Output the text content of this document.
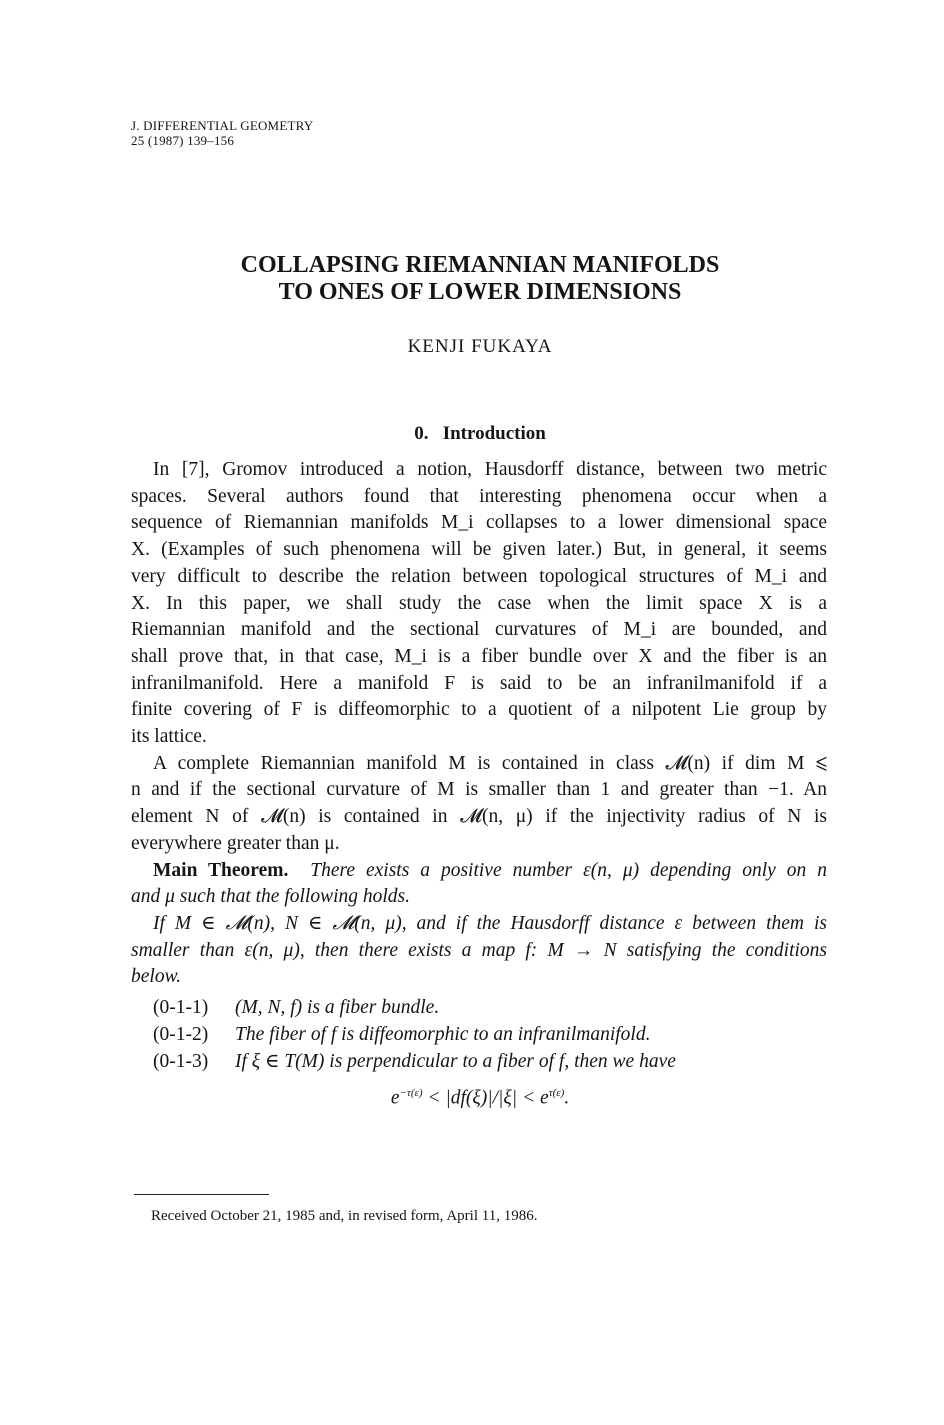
J. DIFFERENTIAL GEOMETRY
25 (1987) 139–156
COLLAPSING RIEMANNIAN MANIFOLDS
TO ONES OF LOWER DIMENSIONS
KENJI FUKAYA
0. Introduction
In [7], Gromov introduced a notion, Hausdorff distance, between two metric
spaces. Several authors found that interesting phenomena occur when a
sequence of Riemannian manifolds M_i collapses to a lower dimensional space
X. (Examples of such phenomena will be given later.) But, in general, it seems
very difficult to describe the relation between topological structures of M_i and
X. In this paper, we shall study the case when the limit space X is a
Riemannian manifold and the sectional curvatures of M_i are bounded, and
shall prove that, in that case, M_i is a fiber bundle over X and the fiber is an
infranilmanifold. Here a manifold F is said to be an infranilmanifold if a
finite covering of F is diffeomorphic to a quotient of a nilpotent Lie group by
its lattice.
A complete Riemannian manifold M is contained in class 𝓜(n) if dim M ⩽
n and if the sectional curvature of M is smaller than 1 and greater than −1. An
element N of 𝓜(n) is contained in 𝓜(n, μ) if the injectivity radius of N is
everywhere greater than μ.
Main Theorem. There exists a positive number ε(n, μ) depending only on n
and μ such that the following holds.
If M ∈ 𝓜(n), N ∈ 𝓜(n, μ), and if the Hausdorff distance ε between them is
smaller than ε(n, μ), then there exists a map f: M → N satisfying the conditions
below.
(0-1-1) (M, N, f) is a fiber bundle.
(0-1-2) The fiber of f is diffeomorphic to an infranilmanifold.
(0-1-3) If ξ ∈ T(M) is perpendicular to a fiber of f, then we have
$e^{-\tau(\varepsilon)} < |df(\xi)|/|\xi| < e^{\tau(\varepsilon)}$.
Received October 21, 1985 and, in revised form, April 11, 1986.
